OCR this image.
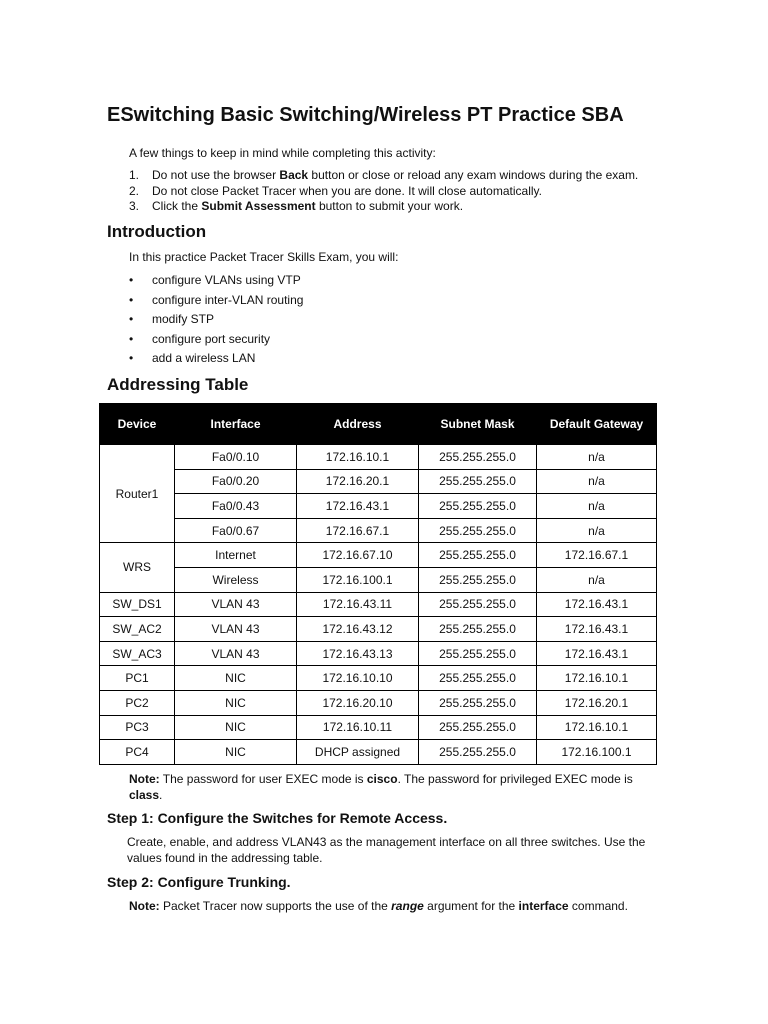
ESwitching Basic Switching/Wireless PT Practice SBA
A few things to keep in mind while completing this activity:
1. Do not use the browser Back button or close or reload any exam windows during the exam.
2. Do not close Packet Tracer when you are done. It will close automatically.
3. Click the Submit Assessment button to submit your work.
Introduction
In this practice Packet Tracer Skills Exam, you will:
• configure VLANs using VTP
• configure inter-VLAN routing
• modify STP
• configure port security
• add a wireless LAN
Addressing Table
Device	Interface	Address	Subnet Mask	Default Gateway
Router1	Fa0/0.10	172.16.10.1	255.255.255.0	n/a
	Fa0/0.20	172.16.20.1	255.255.255.0	n/a
	Fa0/0.43	172.16.43.1	255.255.255.0	n/a
	Fa0/0.67	172.16.67.1	255.255.255.0	n/a
WRS	Internet	172.16.67.10	255.255.255.0	172.16.67.1
	Wireless	172.16.100.1	255.255.255.0	n/a
SW_DS1	VLAN 43	172.16.43.11	255.255.255.0	172.16.43.1
SW_AC2	VLAN 43	172.16.43.12	255.255.255.0	172.16.43.1
SW_AC3	VLAN 43	172.16.43.13	255.255.255.0	172.16.43.1
PC1	NIC	172.16.10.10	255.255.255.0	172.16.10.1
PC2	NIC	172.16.20.10	255.255.255.0	172.16.20.1
PC3	NIC	172.16.10.11	255.255.255.0	172.16.10.1
PC4	NIC	DHCP assigned	255.255.255.0	172.16.100.1
Note: The password for user EXEC mode is cisco. The password for privileged EXEC mode is class.
Step 1: Configure the Switches for Remote Access.
Create, enable, and address VLAN43 as the management interface on all three switches. Use the values found in the addressing table.
Step 2: Configure Trunking.
Note: Packet Tracer now supports the use of the range argument for the interface command.
